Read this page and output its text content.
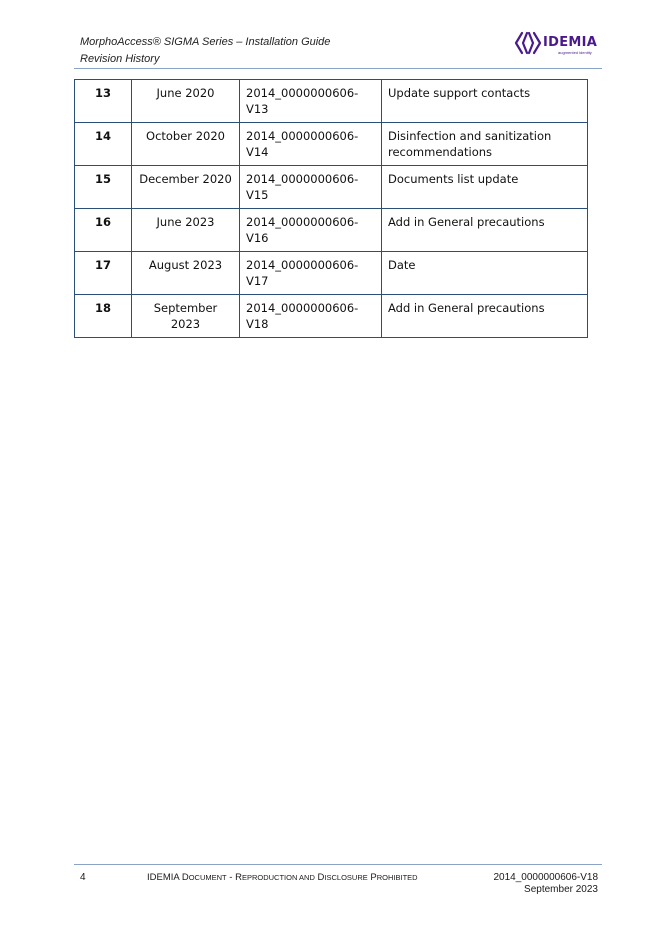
MorphoAccess® SIGMA Series – Installation Guide
Revision History
IDEMIA
augmented identity
13	June 2020	2014_0000000606-V13	Update support contacts
14	October 2020	2014_0000000606-V14	Disinfection and sanitization recommendations
15	December 2020	2014_0000000606-V15	Documents list update
16	June 2023	2014_0000000606-V16	Add in General precautions
17	August 2023	2014_0000000606-V17	Date
18	September 2023	2014_0000000606-V18	Add in General precautions
4	IDEMIA DOCUMENT - REPRODUCTION AND DISCLOSURE PROHIBITED	2014_0000000606-V18
September 2023
